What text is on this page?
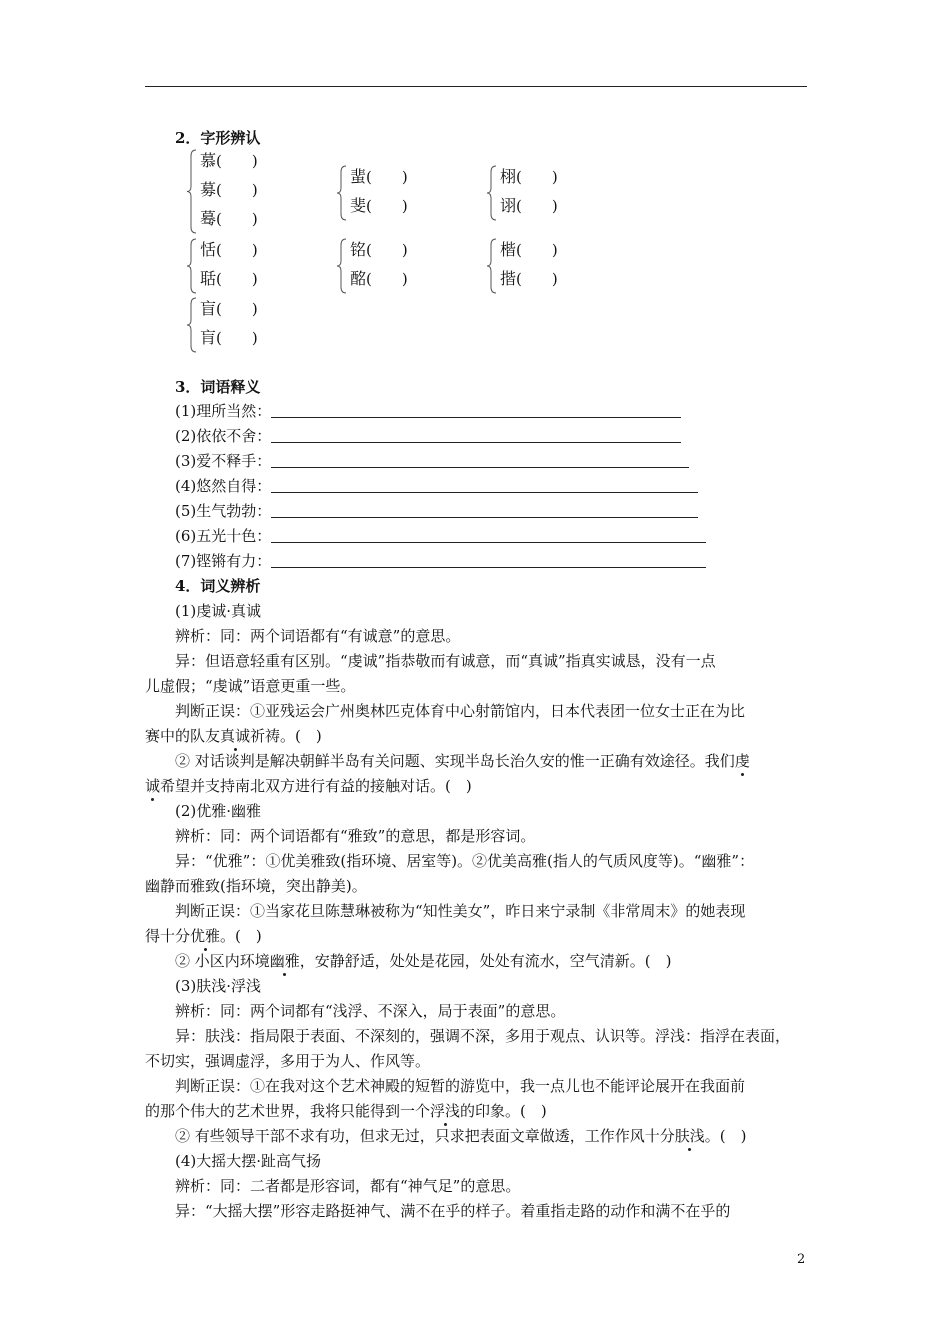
2．字形辨认
慕(　　)
募(　　)
蓦(　　)
蜚(　　)
斐(　　)
栩(　　)
诩(　　)
恬(　　)
聒(　　)
铭(　　)
酩(　　)
楷(　　)
揩(　　)
盲(　　)
肓(　　)
3．词语释义
(1)理所当然：
(2)依依不舍：
(3)爱不释手：
(4)悠然自得：
(5)生气勃勃：
(6)五光十色：
(7)铿锵有力：
4．词义辨析
(1)虔诚·真诚
辨析：同：两个词语都有“有诚意”的意思。
异：但语意轻重有区别。“虔诚”指恭敬而有诚意，而“真诚”指真实诚恳，没有一点
儿虚假；“虔诚”语意更重一些。
判断正误：①亚残运会广州奥林匹克体育中心射箭馆内，日本代表团一位女士正在为比
赛中的队友真诚祈祷。(　)
② 对话谈判是解决朝鲜半岛有关问题、实现半岛长治久安的惟一正确有效途径。我们虔
诚希望并支持南北双方进行有益的接触对话。(　)
(2)优雅·幽雅
辨析：同：两个词语都有“雅致”的意思，都是形容词。
异：“优雅”：①优美雅致(指环境、居室等)。②优美高雅(指人的气质风度等)。“幽雅”：
幽静而雅致(指环境，突出静美)。
判断正误：①当家花旦陈慧琳被称为“知性美女”，昨日来宁录制《非常周末》的她表现
得十分优雅。(　)
② 小区内环境幽雅，安静舒适，处处是花园，处处有流水，空气清新。(　)
(3)肤浅·浮浅
辨析：同：两个词都有“浅浮、不深入，局于表面”的意思。
异：肤浅：指局限于表面、不深刻的，强调不深，多用于观点、认识等。浮浅：指浮在表面，
不切实，强调虚浮，多用于为人、作风等。
判断正误：①在我对这个艺术神殿的短暂的游览中，我一点儿也不能评论展开在我面前
的那个伟大的艺术世界，我将只能得到一个浮浅的印象。(　)
② 有些领导干部不求有功，但求无过，只求把表面文章做透，工作作风十分肤浅。(　)
(4)大摇大摆·趾高气扬
辨析：同：二者都是形容词，都有“神气足”的意思。
异：“大摇大摆”形容走路挺神气、满不在乎的样子。着重指走路的动作和满不在乎的
2
